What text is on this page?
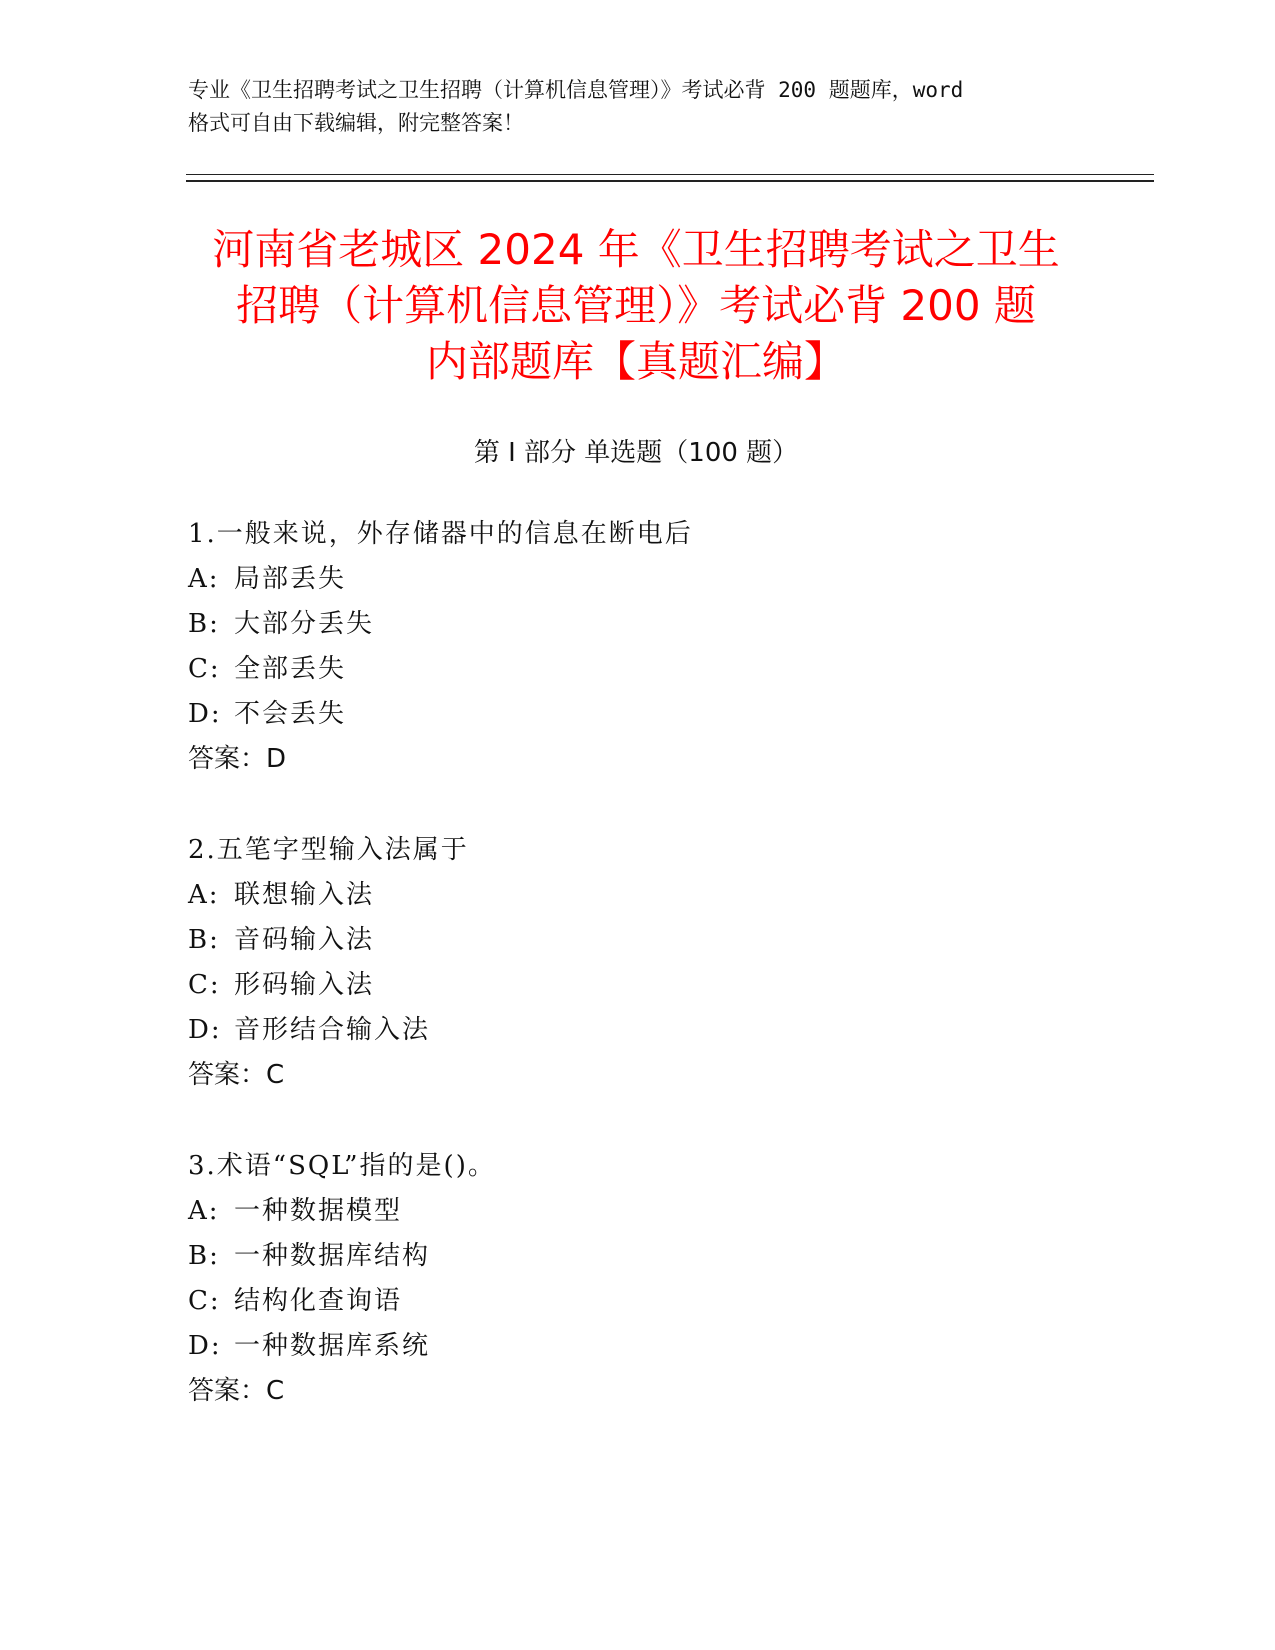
专业《卫生招聘考试之卫生招聘（计算机信息管理）》考试必背 200 题题库，word
格式可自由下载编辑，附完整答案！
河南省老城区 2024 年《卫生招聘考试之卫生
招聘（计算机信息管理）》考试必背 200 题
内部题库【真题汇编】
第 I 部分 单选题（100 题）
1.一般来说，外存储器中的信息在断电后
A: 局部丢失
B: 大部分丢失
C: 全部丢失
D: 不会丢失
答案：D
2.五笔字型输入法属于
A: 联想输入法
B: 音码输入法
C: 形码输入法
D: 音形结合输入法
答案：C
3.术语“SQL”指的是()。
A: 一种数据模型
B: 一种数据库结构
C: 结构化查询语
D: 一种数据库系统
答案：C
